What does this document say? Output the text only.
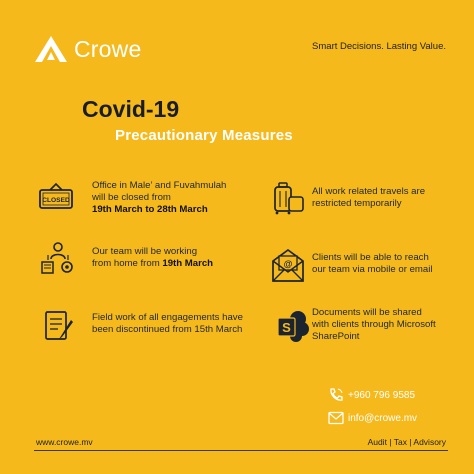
Crowe	Smart Decisions. Lasting Value.
Covid-19
Precautionary Measures
CLOSED
Office in Male’ and Fuvahmulah
will be closed from
19th March to 28th March
Our team will be working
from home from 19th March
Field work of all engagements have
been discontinued from 15th March
All work related travels are
restricted temporarily
@
Clients will be able to reach
our team via mobile or email
S
Documents will be shared
with clients through Microsoft
SharePoint
+960 796 9585
info@crowe.mv
www.crowe.mv	Audit | Tax | Advisory
